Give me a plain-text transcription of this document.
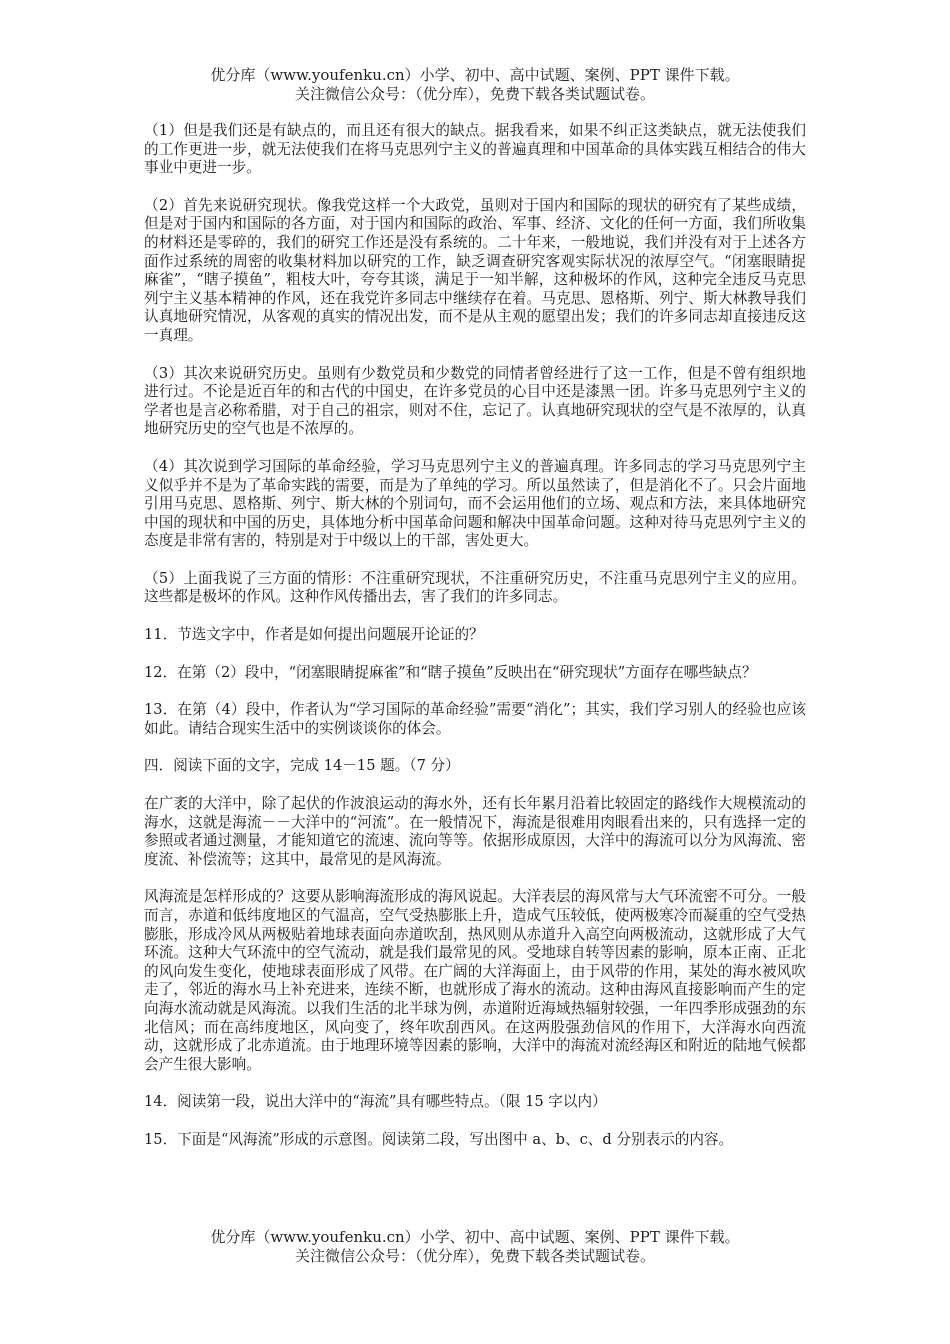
优分库（www.youfenku.cn）小学、初中、高中试题、案例、PPT 课件下载。
关注微信公众号：（优分库），免费下载各类试题试卷。

（1）但是我们还是有缺点的，而且还有很大的缺点。据我看来，如果不纠正这类缺点，就无法使我们的工作更进一步，就无法使我们在将马克思列宁主义的普遍真理和中国革命的具体实践互相结合的伟大事业中更进一步。

（2）首先来说研究现状。像我党这样一个大政党，虽则对于国内和国际的现状的研究有了某些成绩，但是对于国内和国际的各方面，对于国内和国际的政治、军事、经济、文化的任何一方面，我们所收集的材料还是零碎的，我们的研究工作还是没有系统的。二十年来，一般地说，我们并没有对于上述各方面作过系统的周密的收集材料加以研究的工作，缺乏调查研究客观实际状况的浓厚空气。“闭塞眼睛捉麻雀”，“瞎子摸鱼”，粗枝大叶，夸夸其谈，满足于一知半解，这种极坏的作风，这种完全违反马克思列宁主义基本精神的作风，还在我党许多同志中继续存在着。马克思、恩格斯、列宁、斯大林教导我们认真地研究情况，从客观的真实的情况出发，而不是从主观的愿望出发；我们的许多同志却直接违反这一真理。

（3）其次来说研究历史。虽则有少数党员和少数党的同情者曾经进行了这一工作，但是不曾有组织地进行过。不论是近百年的和古代的中国史，在许多党员的心目中还是漆黑一团。许多马克思列宁主义的学者也是言必称希腊，对于自己的祖宗，则对不住，忘记了。认真地研究现状的空气是不浓厚的，认真地研究历史的空气也是不浓厚的。

（4）其次说到学习国际的革命经验，学习马克思列宁主义的普遍真理。许多同志的学习马克思列宁主义似乎并不是为了革命实践的需要，而是为了单纯的学习。所以虽然读了，但是消化不了。只会片面地引用马克思、恩格斯、列宁、斯大林的个别词句，而不会运用他们的立场、观点和方法，来具体地研究中国的现状和中国的历史，具体地分析中国革命问题和解决中国革命问题。这种对待马克思列宁主义的态度是非常有害的，特别是对于中级以上的干部，害处更大。

（5）上面我说了三方面的情形：不注重研究现状，不注重研究历史，不注重马克思列宁主义的应用。这些都是极坏的作风。这种作风传播出去，害了我们的许多同志。

11．节选文字中，作者是如何提出问题展开论证的？

12．在第（2）段中，“闭塞眼睛捉麻雀”和“瞎子摸鱼”反映出在“研究现状”方面存在哪些缺点？

13．在第（4）段中，作者认为“学习国际的革命经验”需要“消化”；其实，我们学习别人的经验也应该如此。请结合现实生活中的实例谈谈你的体会。

四．阅读下面的文字，完成 14－15 题。（7 分）

在广袤的大洋中，除了起伏的作波浪运动的海水外，还有长年累月沿着比较固定的路线作大规模流动的海水，这就是海流－－大洋中的“河流”。在一般情况下，海流是很难用肉眼看出来的，只有选择一定的参照或者通过测量，才能知道它的流速、流向等等。依据形成原因，大洋中的海流可以分为风海流、密度流、补偿流等；这其中，最常见的是风海流。

风海流是怎样形成的？这要从影响海流形成的海风说起。大洋表层的海风常与大气环流密不可分。一般而言，赤道和低纬度地区的气温高，空气受热膨胀上升，造成气压较低，使两极寒冷而凝重的空气受热膨胀，形成冷风从两极贴着地球表面向赤道吹刮，热风则从赤道升入高空向两极流动，这就形成了大气环流。这种大气环流中的空气流动，就是我们最常见的风。受地球自转等因素的影响，原本正南、正北的风向发生变化，使地球表面形成了风带。在广阔的大洋海面上，由于风带的作用，某处的海水被风吹走了，邻近的海水马上补充进来，连续不断，也就形成了海水的流动。这种由海风直接影响而产生的定向海水流动就是风海流。以我们生活的北半球为例，赤道附近海域热辐射较强，一年四季形成强劲的东北信风；而在高纬度地区，风向变了，终年吹刮西风。在这两股强劲信风的作用下，大洋海水向西流动，这就形成了北赤道流。由于地理环境等因素的影响，大洋中的海流对流经海区和附近的陆地气候都会产生很大影响。

14．阅读第一段，说出大洋中的“海流”具有哪些特点。（限 15 字以内）

15．下面是“风海流”形成的示意图。阅读第二段，写出图中 a、b、c、d 分别表示的内容。

优分库（www.youfenku.cn）小学、初中、高中试题、案例、PPT 课件下载。
关注微信公众号：（优分库），免费下载各类试题试卷。
